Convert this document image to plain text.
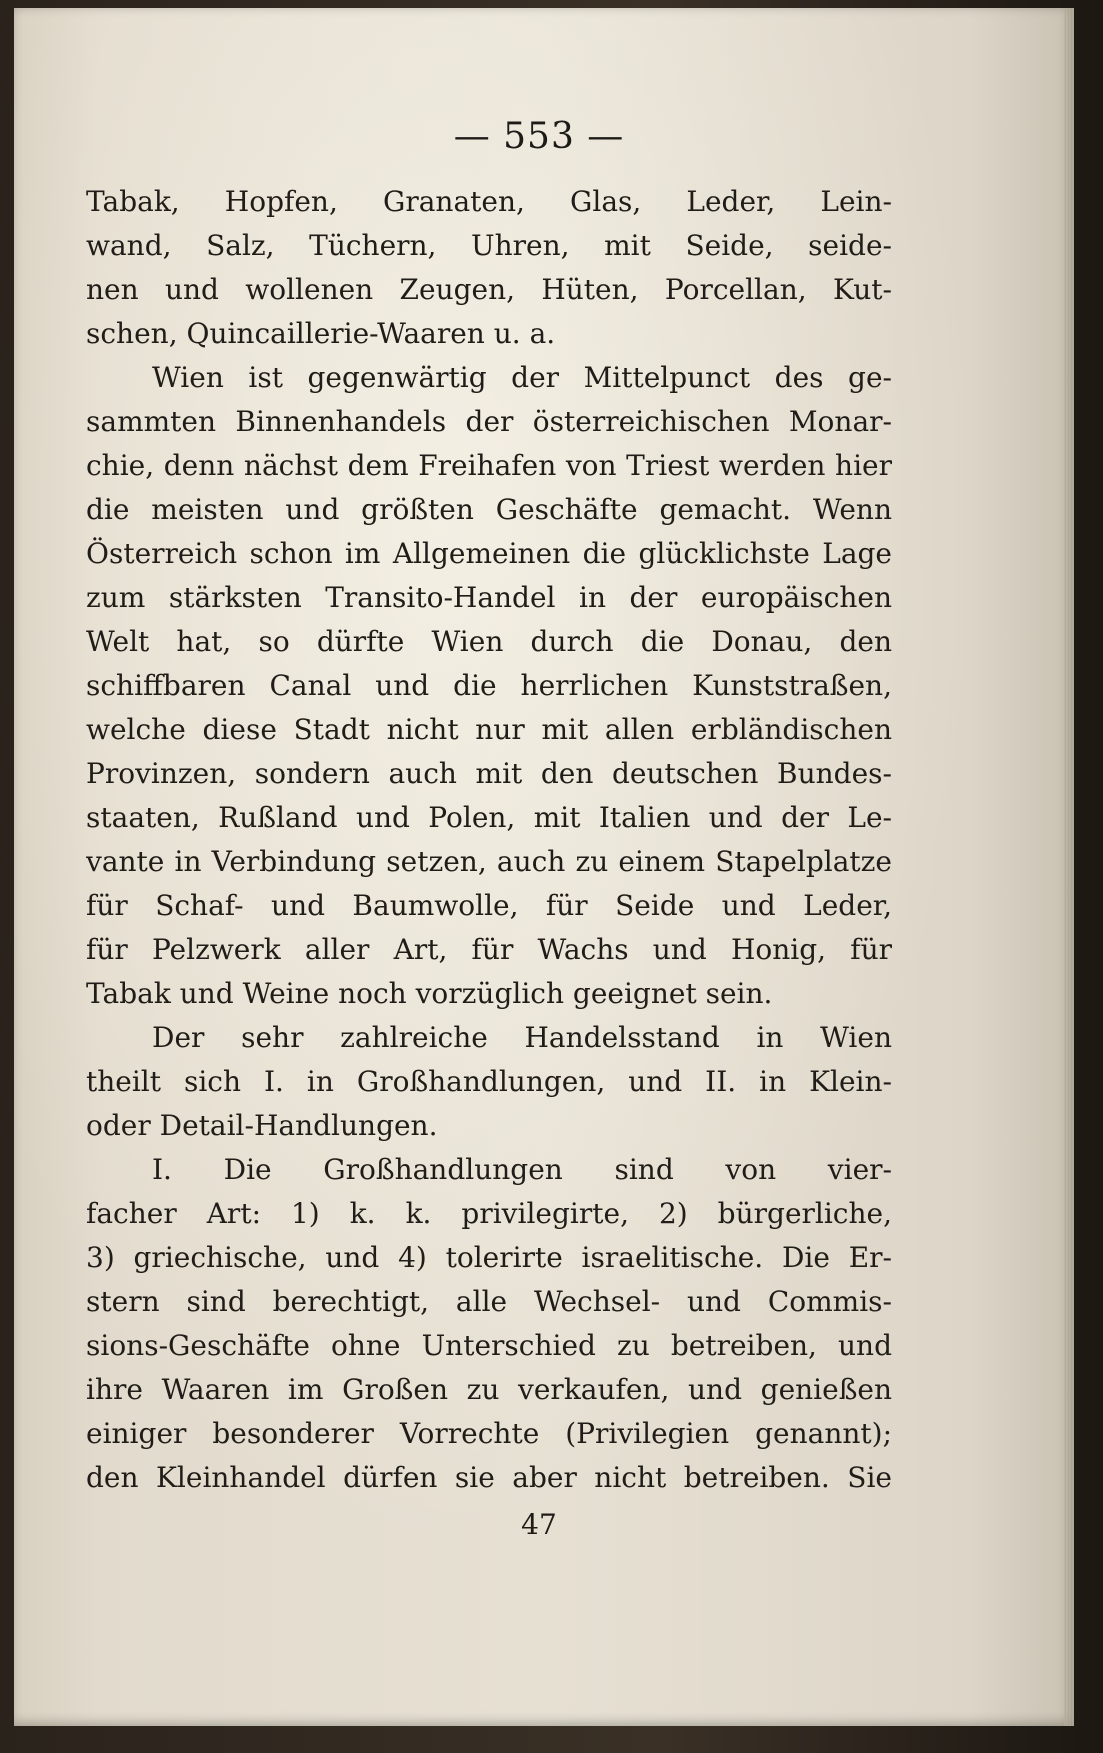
— 553 —
Tabak, Hopfen, Granaten, Glas, Leder, Lein-
wand, Salz, Tüchern, Uhren, mit Seide, seide-
nen und wollenen Zeugen, Hüten, Porcellan, Kut-
schen, Quincaillerie-Waaren u. a.
Wien ist gegenwärtig der Mittelpunct des ge-
sammten Binnenhandels der österreichischen Monar-
chie, denn nächst dem Freihafen von Triest werden hier
die meisten und größten Geschäfte gemacht. Wenn
Österreich schon im Allgemeinen die glücklichste Lage
zum stärksten Transito-Handel in der europäischen
Welt hat, so dürfte Wien durch die Donau, den
schiffbaren Canal und die herrlichen Kunststraßen,
welche diese Stadt nicht nur mit allen erbländischen
Provinzen, sondern auch mit den deutschen Bundes-
staaten, Rußland und Polen, mit Italien und der Le-
vante in Verbindung setzen, auch zu einem Stapelplatze
für Schaf- und Baumwolle, für Seide und Leder,
für Pelzwerk aller Art, für Wachs und Honig, für
Tabak und Weine noch vorzüglich geeignet sein.
Der sehr zahlreiche Handelsstand in Wien
theilt sich I. in Großhandlungen, und II. in Klein-
oder Detail-Handlungen.
I. Die Großhandlungen sind von vier-
facher Art: 1) k. k. privilegirte, 2) bürgerliche,
3) griechische, und 4) tolerirte israelitische. Die Er-
stern sind berechtigt, alle Wechsel- und Commis-
sions-Geschäfte ohne Unterschied zu betreiben, und
ihre Waaren im Großen zu verkaufen, und genießen
einiger besonderer Vorrechte (Privilegien genannt);
den Kleinhandel dürfen sie aber nicht betreiben. Sie
47
